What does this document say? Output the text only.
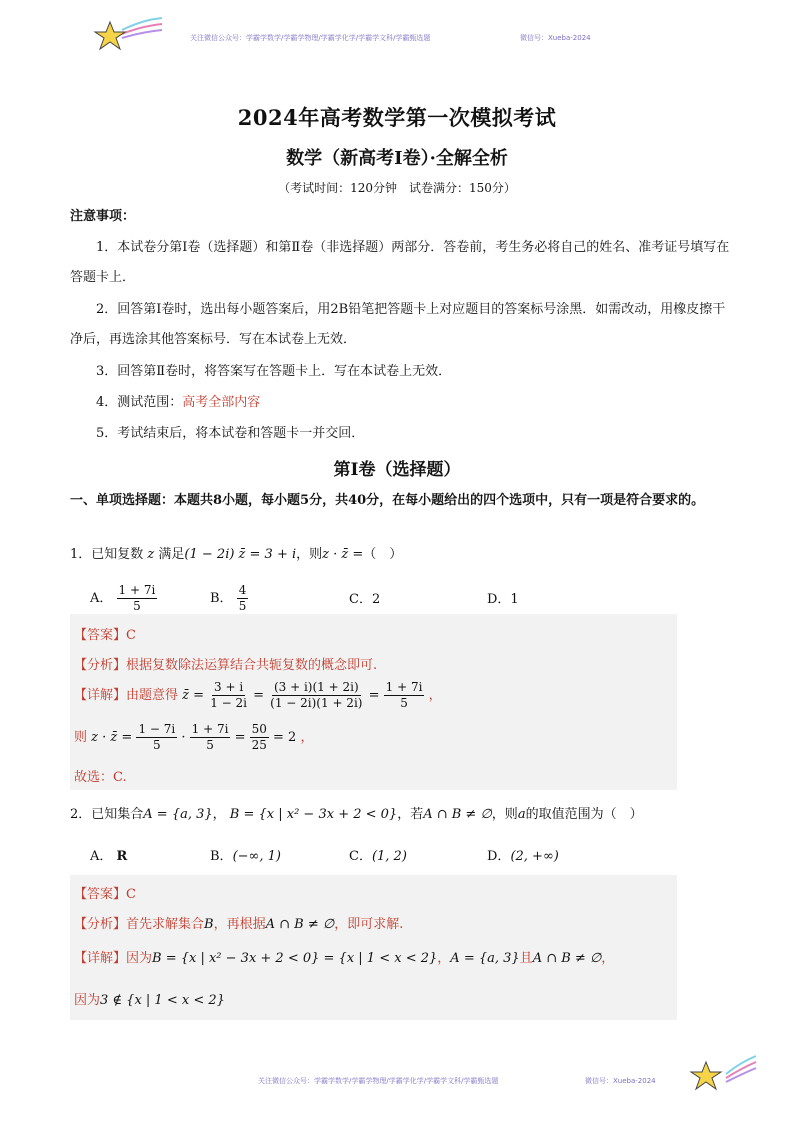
关注微信公众号：学霸学数学/学霸学物理/学霸学化学/学霸学文科/学霸甄选题	微信号：Xueba-2024
2024年高考数学第一次模拟考试
数学（新高考Ⅰ卷）·全解全析
（考试时间：120分钟　试卷满分：150分）
注意事项：
1．本试卷分第Ⅰ卷（选择题）和第Ⅱ卷（非选择题）两部分．答卷前，考生务必将自己的姓名、准考证号填写在答题卡上．
2．回答第Ⅰ卷时，选出每小题答案后，用2B铅笔把答题卡上对应题目的答案标号涂黑．如需改动，用橡皮擦干净后，再选涂其他答案标号．写在本试卷上无效．
3．回答第Ⅱ卷时，将答案写在答题卡上．写在本试卷上无效．
4．测试范围：高考全部内容
5．考试结束后，将本试卷和答题卡一并交回．
第Ⅰ卷（选择题）
一、单项选择题：本题共8小题，每小题5分，共40分，在每小题给出的四个选项中，只有一项是符合要求的。
1．已知复数 z 满足(1 − 2i) z̄ = 3 + i，则z · z̄ =（　）
A． $\frac{1 + 7i}{5}$	B． $\frac{4}{5}$	C．2	D．1
【答案】C
【分析】根据复数除法运算结合共轭复数的概念即可.
【详解】由题意得 z̄ = $\frac{3 + i}{1 - 2i} = \frac{(3 + i)(1 + 2i)}{(1 - 2i)(1 + 2i)} = \frac{1 + 7i}{5}$ ，
则 z · z̄ = $\frac{1 - 7i}{5} \cdot \frac{1 + 7i}{5} = \frac{50}{25} = 2$ ，
故选：C.
2．已知集合A = {a, 3}， B = {x | x² − 3x + 2 < 0}，若A ∩ B ≠ ∅，则a的取值范围为（　）
A． R	B．(−∞, 1)	C．(1, 2)	D．(2, +∞)
【答案】C
【分析】首先求解集合B，再根据A ∩ B ≠ ∅，即可求解.
【详解】因为B = {x | x² − 3x + 2 < 0} = {x | 1 < x < 2}，A = {a, 3}且A ∩ B ≠ ∅，
因为3 ∉ {x | 1 < x < 2}
关注微信公众号：学霸学数学/学霸学物理/学霸学化学/学霸学文科/学霸甄选题	微信号：Xueba-2024
